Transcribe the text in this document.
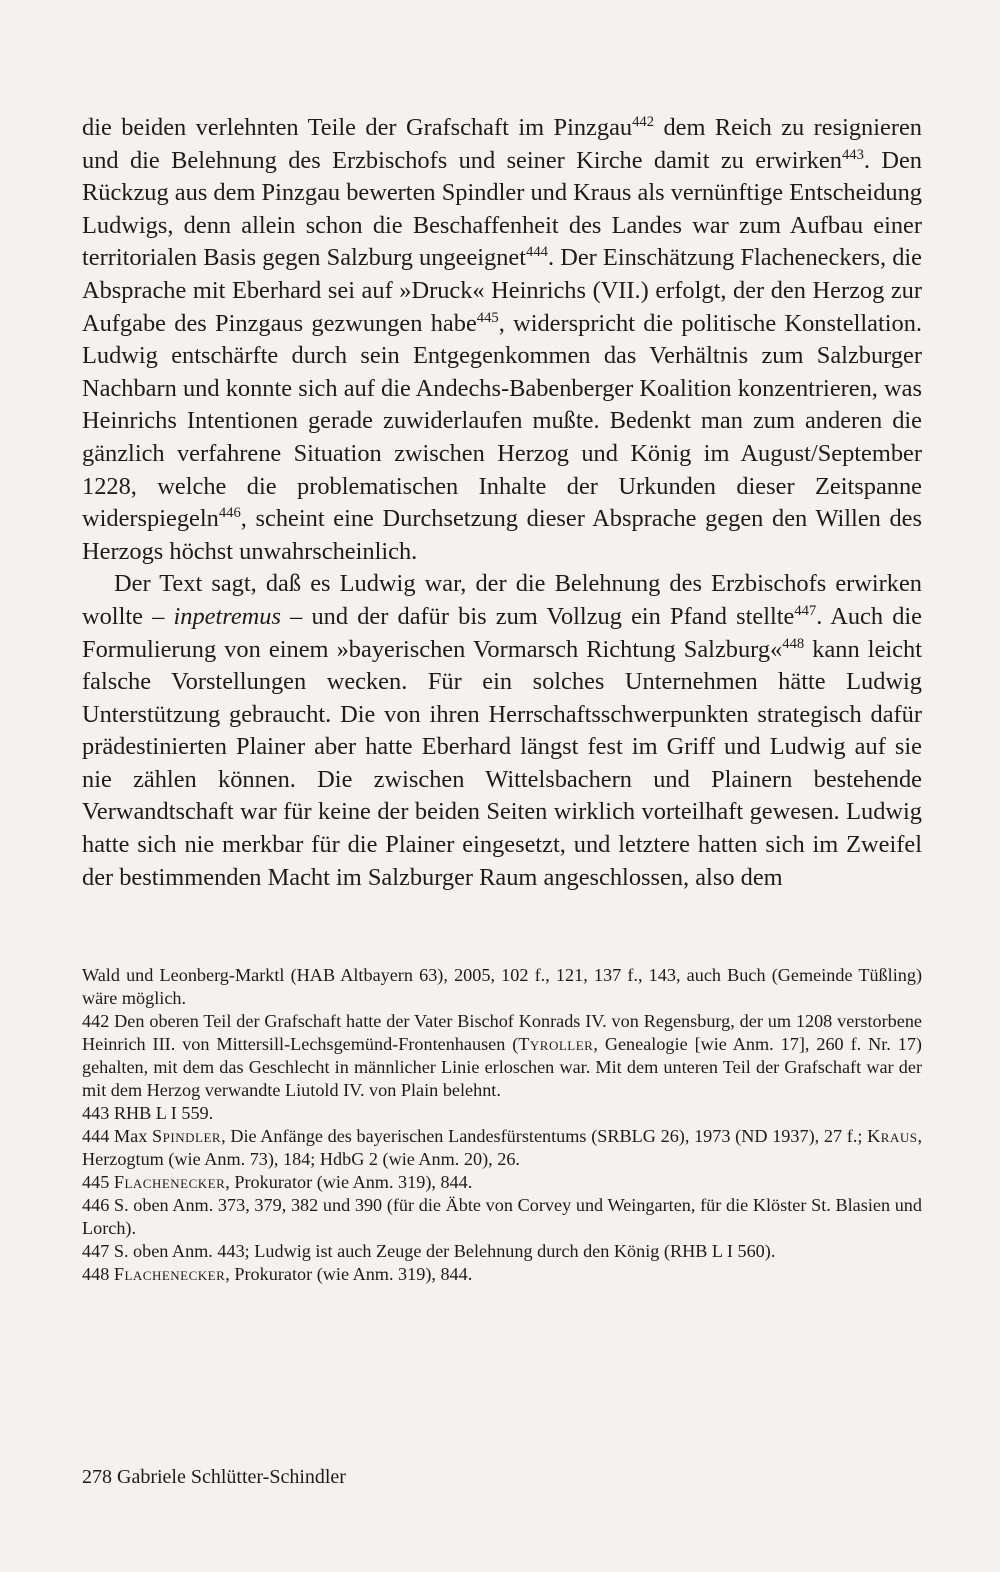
die beiden verlehnten Teile der Grafschaft im Pinzgau$^{442}$ dem Reich zu resignieren und die Belehnung des Erzbischofs und seiner Kirche damit zu erwirken$^{443}$. Den Rückzug aus dem Pinzgau bewerten Spindler und Kraus als vernünftige Entscheidung Ludwigs, denn allein schon die Beschaffenheit des Landes war zum Aufbau einer territorialen Basis gegen Salzburg ungeeignet$^{444}$. Der Einschätzung Flacheneckers, die Absprache mit Eberhard sei auf »Druck« Heinrichs (VII.) erfolgt, der den Herzog zur Aufgabe des Pinzgaus gezwungen habe$^{445}$, widerspricht die politische Konstellation. Ludwig entschärfte durch sein Entgegenkommen das Verhältnis zum Salzburger Nachbarn und konnte sich auf die Andechs-Babenberger Koalition konzentrieren, was Heinrichs Intentionen gerade zuwiderlaufen mußte. Bedenkt man zum anderen die gänzlich verfahrene Situation zwischen Herzog und König im August/September 1228, welche die problematischen Inhalte der Urkunden dieser Zeitspanne widerspiegeln$^{446}$, scheint eine Durchsetzung dieser Absprache gegen den Willen des Herzogs höchst unwahrscheinlich.

Der Text sagt, daß es Ludwig war, der die Belehnung des Erzbischofs erwirken wollte – inpetremus – und der dafür bis zum Vollzug ein Pfand stellte$^{447}$. Auch die Formulierung von einem »bayerischen Vormarsch Richtung Salzburg«$^{448}$ kann leicht falsche Vorstellungen wecken. Für ein solches Unternehmen hätte Ludwig Unterstützung gebraucht. Die von ihren Herrschaftsschwerpunkten strategisch dafür prädestinierten Plainer aber hatte Eberhard längst fest im Griff und Ludwig auf sie nie zählen können. Die zwischen Wittelsbachern und Plainern bestehende Verwandtschaft war für keine der beiden Seiten wirklich vorteilhaft gewesen. Ludwig hatte sich nie merkbar für die Plainer eingesetzt, und letztere hatten sich im Zweifel der bestimmenden Macht im Salzburger Raum angeschlossen, also dem

Wald und Leonberg-Marktl (HAB Altbayern 63), 2005, 102 f., 121, 137 f., 143, auch Buch (Gemeinde Tüßling) wäre möglich.

442 Den oberen Teil der Grafschaft hatte der Vater Bischof Konrads IV. von Regensburg, der um 1208 verstorbene Heinrich III. von Mittersill-Lechsgemünd-Frontenhausen (Tyroller, Genealogie [wie Anm. 17], 260 f. Nr. 17) gehalten, mit dem das Geschlecht in männlicher Linie erloschen war. Mit dem unteren Teil der Grafschaft war der mit dem Herzog verwandte Liutold IV. von Plain belehnt.

443 RHB L I 559.

444 Max Spindler, Die Anfänge des bayerischen Landesfürstentums (SRBLG 26), 1973 (ND 1937), 27 f.; Kraus, Herzogtum (wie Anm. 73), 184; HdbG 2 (wie Anm. 20), 26.

445 Flachenecker, Prokurator (wie Anm. 319), 844.

446 S. oben Anm. 373, 379, 382 und 390 (für die Äbte von Corvey und Weingarten, für die Klöster St. Blasien und Lorch).

447 S. oben Anm. 443; Ludwig ist auch Zeuge der Belehnung durch den König (RHB L I 560).

448 Flachenecker, Prokurator (wie Anm. 319), 844.

278 Gabriele Schlütter-Schindler
